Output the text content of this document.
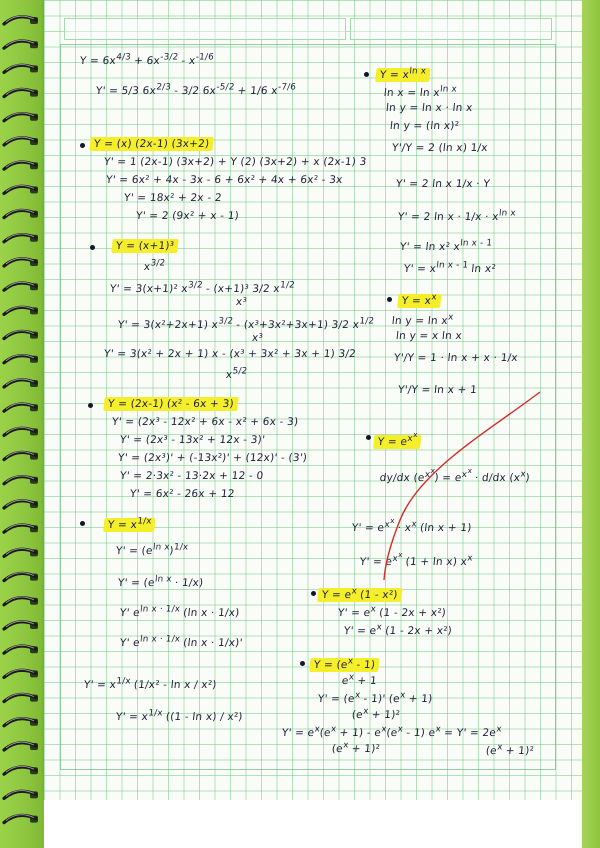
$Y = 6x^{4/3} + 6x^{-3/2} - x^{-1/6}$
Y' = 5/3 $6x^{2/3} - 3/2$ $6x^{-5/2} + 1/6$ $x^{-7/6}$
Y = (x) (2x-1) (3x+2)
Y' = 1 (2x-1) (3x+2) + Y (2) (3x+2) + x (2x-1) 3
Y' = 6x² + 4x - 3x - 6 + 6x² + 4x + 6x² - 3x
Y' = 18x² + 2x - 2
Y' = 2 (9x² + x - 1)
Y = (x+1)³
$x^{3/2}$
Y' = 3(x+1)² $x^{3/2} - (x+1)^3$ 3/2 $x^{1/2}$
x³
Y' = 3(x²+2x+1) $x^{3/2} - (x^3+3x^2+3x+1)$ 3/2 $x^{1/2}$
x³
Y' = 3(x² + 2x + 1) x - (x³ + 3x² + 3x + 1) 3/2
$x^{5/2}$
Y = (2x-1) (x² - 6x + 3)
Y' = (2x³ - 12x² + 6x - x² + 6x - 3)
Y' = (2x³ - 13x² + 12x - 3)'
Y' = (2x³)' + (-13x²)' + (12x)' - (3')
Y' = 2·3x² - 13·2x + 12 - 0
Y' = 6x² - 26x + 12
$Y = x^{1/x}$
$Y' = (e^{ln x})^{1/x}$
$Y' = (e^{ln x} \cdot 1/x)$
Y' $e^{ln x \cdot 1/x}$ (ln x · 1/x)
Y' $e^{ln x \cdot 1/x}$ (ln x · 1/x)'
$Y' = x^{1/x}$ (1/x² - ln x / x²)
$Y' = x^{1/x}$ ((1 - ln x) / x²)
$Y = x^{ln x}$
$\ln x = \ln x^{ln x}$
ln y = ln x · ln x
ln y = (ln x)²
Y'/Y = 2 (ln x) 1/x
Y' = 2 ln x 1/x · Y
Y' = 2 $\ln x \cdot 1/x \cdot x^{ln x}$
Y' = ln x² $x^{ln x - 1}$
$Y' = x^{ln x - 1}$ ln x²
$Y = x^x$
$\ln y = \ln x^x$
ln y = x ln x
Y'/Y = 1 · ln x + x · 1/x
Y'/Y = ln x + 1
$Y = e^{x^x}$
dy/dx $(e^{x^x}) = e^{x^x} \cdot d/dx$ $(x^x)$
$Y' = e^{x^x} \cdot x^x$ (ln x + 1)
$Y' = e^{x^x}$ (1 + ln x) $x^x$
$Y = e^x$ (1 - x²)
$Y' = e^x$ (1 - 2x + x²)
$Y' = e^x$ (1 - 2x + x²)
$Y = (e^x - 1)$
$e^x + 1$
$Y' = (e^x - 1)'$ $(e^x + 1)$
$(e^x + 1)^2$
$Y' = e^x(e^x + 1) - e^x(e^x - 1) e^x = Y' = 2e^x$
$(e^x + 1)^2$	$(e^x + 1)^2$
